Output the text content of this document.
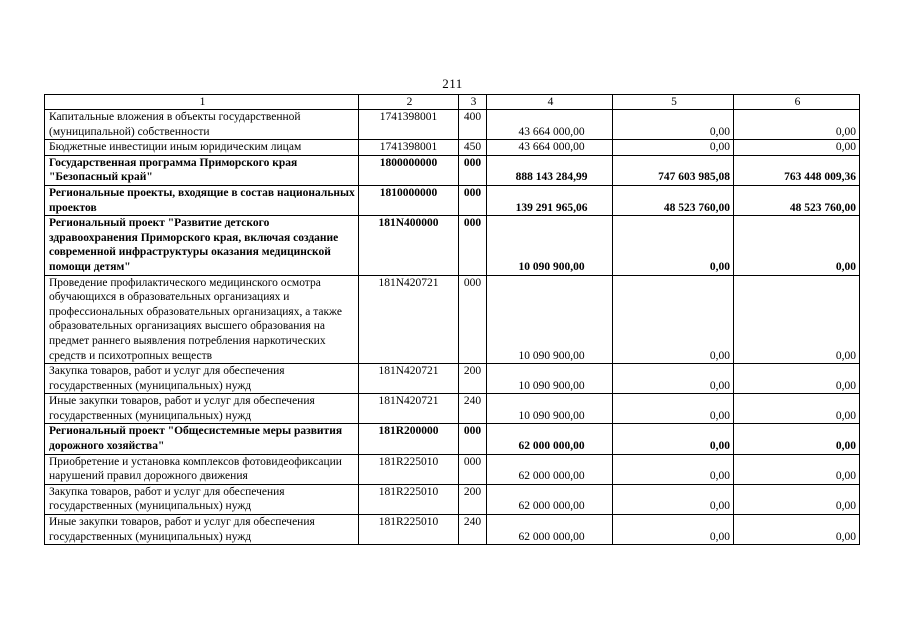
211
1	2	3	4	5	6
Капитальные вложения в объекты государственной (муниципальной) собственности	1741398001	400	43 664 000,00	0,00	0,00
Бюджетные инвестиции иным юридическим лицам	1741398001	450	43 664 000,00	0,00	0,00
Государственная программа Приморского края "Безопасный край"	1800000000	000	888 143 284,99	747 603 985,08	763 448 009,36
Региональные проекты, входящие в состав национальных проектов	1810000000	000	139 291 965,06	48 523 760,00	48 523 760,00
Региональный проект "Развитие детского здравоохранения Приморского края, включая создание современной инфраструктуры оказания медицинской помощи детям"	181N400000	000	10 090 900,00	0,00	0,00
Проведение профилактического медицинского осмотра обучающихся в образовательных организациях и профессиональных образовательных организациях, а также образовательных организациях высшего образования на предмет раннего выявления потребления наркотических средств и психотропных веществ	181N420721	000	10 090 900,00	0,00	0,00
Закупка товаров, работ и услуг для обеспечения государственных (муниципальных) нужд	181N420721	200	10 090 900,00	0,00	0,00
Иные закупки товаров, работ и услуг для обеспечения государственных (муниципальных) нужд	181N420721	240	10 090 900,00	0,00	0,00
Региональный проект "Общесистемные меры развития дорожного хозяйства"	181R200000	000	62 000 000,00	0,00	0,00
Приобретение и установка комплексов фотовидеофиксации нарушений правил дорожного движения	181R225010	000	62 000 000,00	0,00	0,00
Закупка товаров, работ и услуг для обеспечения государственных (муниципальных) нужд	181R225010	200	62 000 000,00	0,00	0,00
Иные закупки товаров, работ и услуг для обеспечения государственных (муниципальных) нужд	181R225010	240	62 000 000,00	0,00	0,00
